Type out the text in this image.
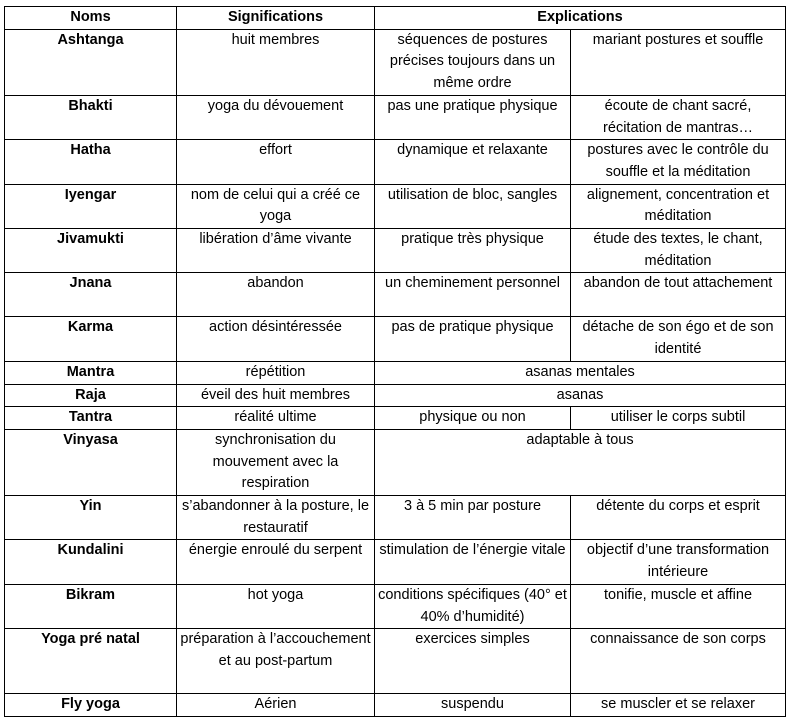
Noms	Significations	Explications	
Ashtanga	huit membres	séquences de postures précises toujours dans un même ordre	mariant postures et souffle
Bhakti	yoga du dévouement	pas une pratique physique	écoute de chant sacré, récitation de mantras…
Hatha	effort	dynamique et relaxante	postures avec le contrôle du souffle et la méditation
Iyengar	nom de celui qui a créé ce yoga	utilisation de bloc, sangles	alignement, concentration et méditation
Jivamukti	libération d’âme vivante	pratique très physique	étude des textes, le chant, méditation
Jnana	abandon	un cheminement personnel	abandon de tout attachement
Karma	action désintéressée	pas de pratique physique	détache de son égo et de son identité
Mantra	répétition	asanas mentales	
Raja	éveil des huit membres	asanas	
Tantra	réalité ultime	physique ou non	utiliser le corps subtil
Vinyasa	synchronisation du mouvement avec la respiration	adaptable à tous	
Yin	s’abandonner à la posture, le restauratif	3 à 5 min par posture	détente du corps et esprit
Kundalini	énergie enroulé du serpent	stimulation de l’énergie vitale	objectif d’une transformation intérieure
Bikram	hot yoga	conditions spécifiques (40° et 40% d’humidité)	tonifie, muscle et affine
Yoga pré natal	préparation à l’accouchement et au post-partum	exercices simples	connaissance de son corps
Fly yoga	Aérien	suspendu	se muscler et se relaxer
